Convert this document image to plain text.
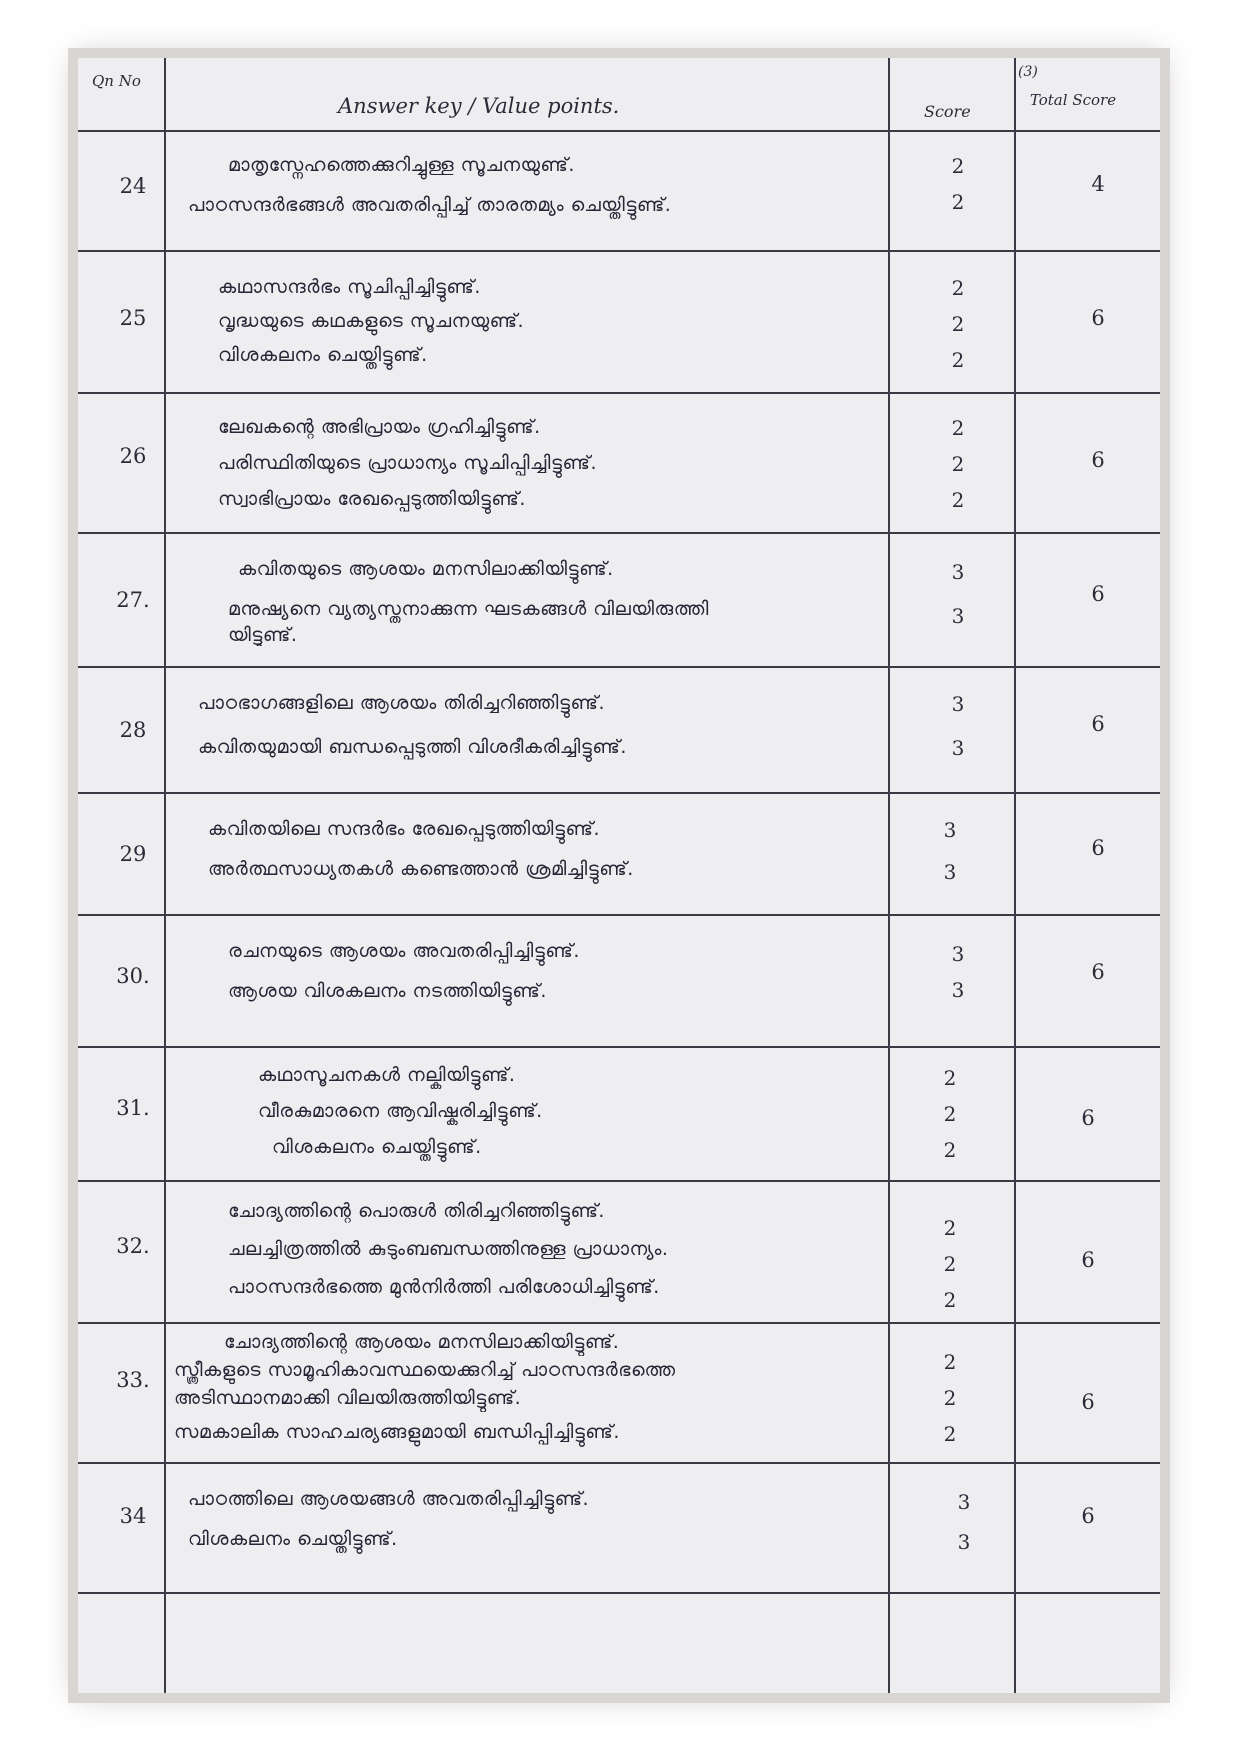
(3)
Qn No
Answer key / Value points.	Score
Total Score
24
മാതൃസ്നേഹത്തെക്കുറിച്ചുള്ള സൂചനയുണ്ട്.
പാഠസന്ദർഭങ്ങൾ അവതരിപ്പിച്ച് താരതമ്യം ചെയ്തിട്ടുണ്ട്.
2
2
4
25
കഥാസന്ദർഭം സൂചിപ്പിച്ചിട്ടുണ്ട്.
വൃദ്ധയുടെ കഥകളുടെ സൂചനയുണ്ട്.
വിശകലനം ചെയ്തിട്ടുണ്ട്.
2
2
2
6
26
ലേഖകന്റെ അഭിപ്രായം ഗ്രഹിച്ചിട്ടുണ്ട്.
പരിസ്ഥിതിയുടെ പ്രാധാന്യം സൂചിപ്പിച്ചിട്ടുണ്ട്.
സ്വാഭിപ്രായം രേഖപ്പെടുത്തിയിട്ടുണ്ട്.
2
2
2
6
27.
കവിതയുടെ ആശയം മനസിലാക്കിയിട്ടുണ്ട്.
മനുഷ്യനെ വ്യത്യസ്തനാക്കുന്ന ഘടകങ്ങൾ വിലയിരുത്തി
യിട്ടുണ്ട്.
3
3
6
28
പാഠഭാഗങ്ങളിലെ ആശയം തിരിച്ചറിഞ്ഞിട്ടുണ്ട്.
കവിതയുമായി ബന്ധപ്പെടുത്തി വിശദീകരിച്ചിട്ടുണ്ട്.
3
3
6
29
കവിതയിലെ സന്ദർഭം രേഖപ്പെടുത്തിയിട്ടുണ്ട്.
അർത്ഥസാധ്യതകൾ കണ്ടെത്താൻ ശ്രമിച്ചിട്ടുണ്ട്.
3
3
6
30.
രചനയുടെ ആശയം അവതരിപ്പിച്ചിട്ടുണ്ട്.
ആശയ വിശകലനം നടത്തിയിട്ടുണ്ട്.
3
3
6
31.
കഥാസൂചനകൾ നല്കിയിട്ടുണ്ട്.
വീരകുമാരനെ ആവിഷ്കരിച്ചിട്ടുണ്ട്.
വിശകലനം ചെയ്തിട്ടുണ്ട്.
2
2
2
6
32.
ചോദ്യത്തിന്റെ പൊരുൾ തിരിച്ചറിഞ്ഞിട്ടുണ്ട്.
ചലച്ചിത്രത്തിൽ കുടുംബബന്ധത്തിനുള്ള പ്രാധാന്യം.
പാഠസന്ദർഭത്തെ മുൻനിർത്തി പരിശോധിച്ചിട്ടുണ്ട്.
2
2
2
6
33.
ചോദ്യത്തിന്റെ ആശയം മനസിലാക്കിയിട്ടുണ്ട്.
സ്ത്രീകളുടെ സാമൂഹികാവസ്ഥയെക്കുറിച്ച് പാഠസന്ദർഭത്തെ
അടിസ്ഥാനമാക്കി വിലയിരുത്തിയിട്ടുണ്ട്.
സമകാലിക സാഹചര്യങ്ങളുമായി ബന്ധിപ്പിച്ചിട്ടുണ്ട്.
2
2
2
6
34
പാഠത്തിലെ ആശയങ്ങൾ അവതരിപ്പിച്ചിട്ടുണ്ട്.
വിശകലനം ചെയ്തിട്ടുണ്ട്.
3
3
6
